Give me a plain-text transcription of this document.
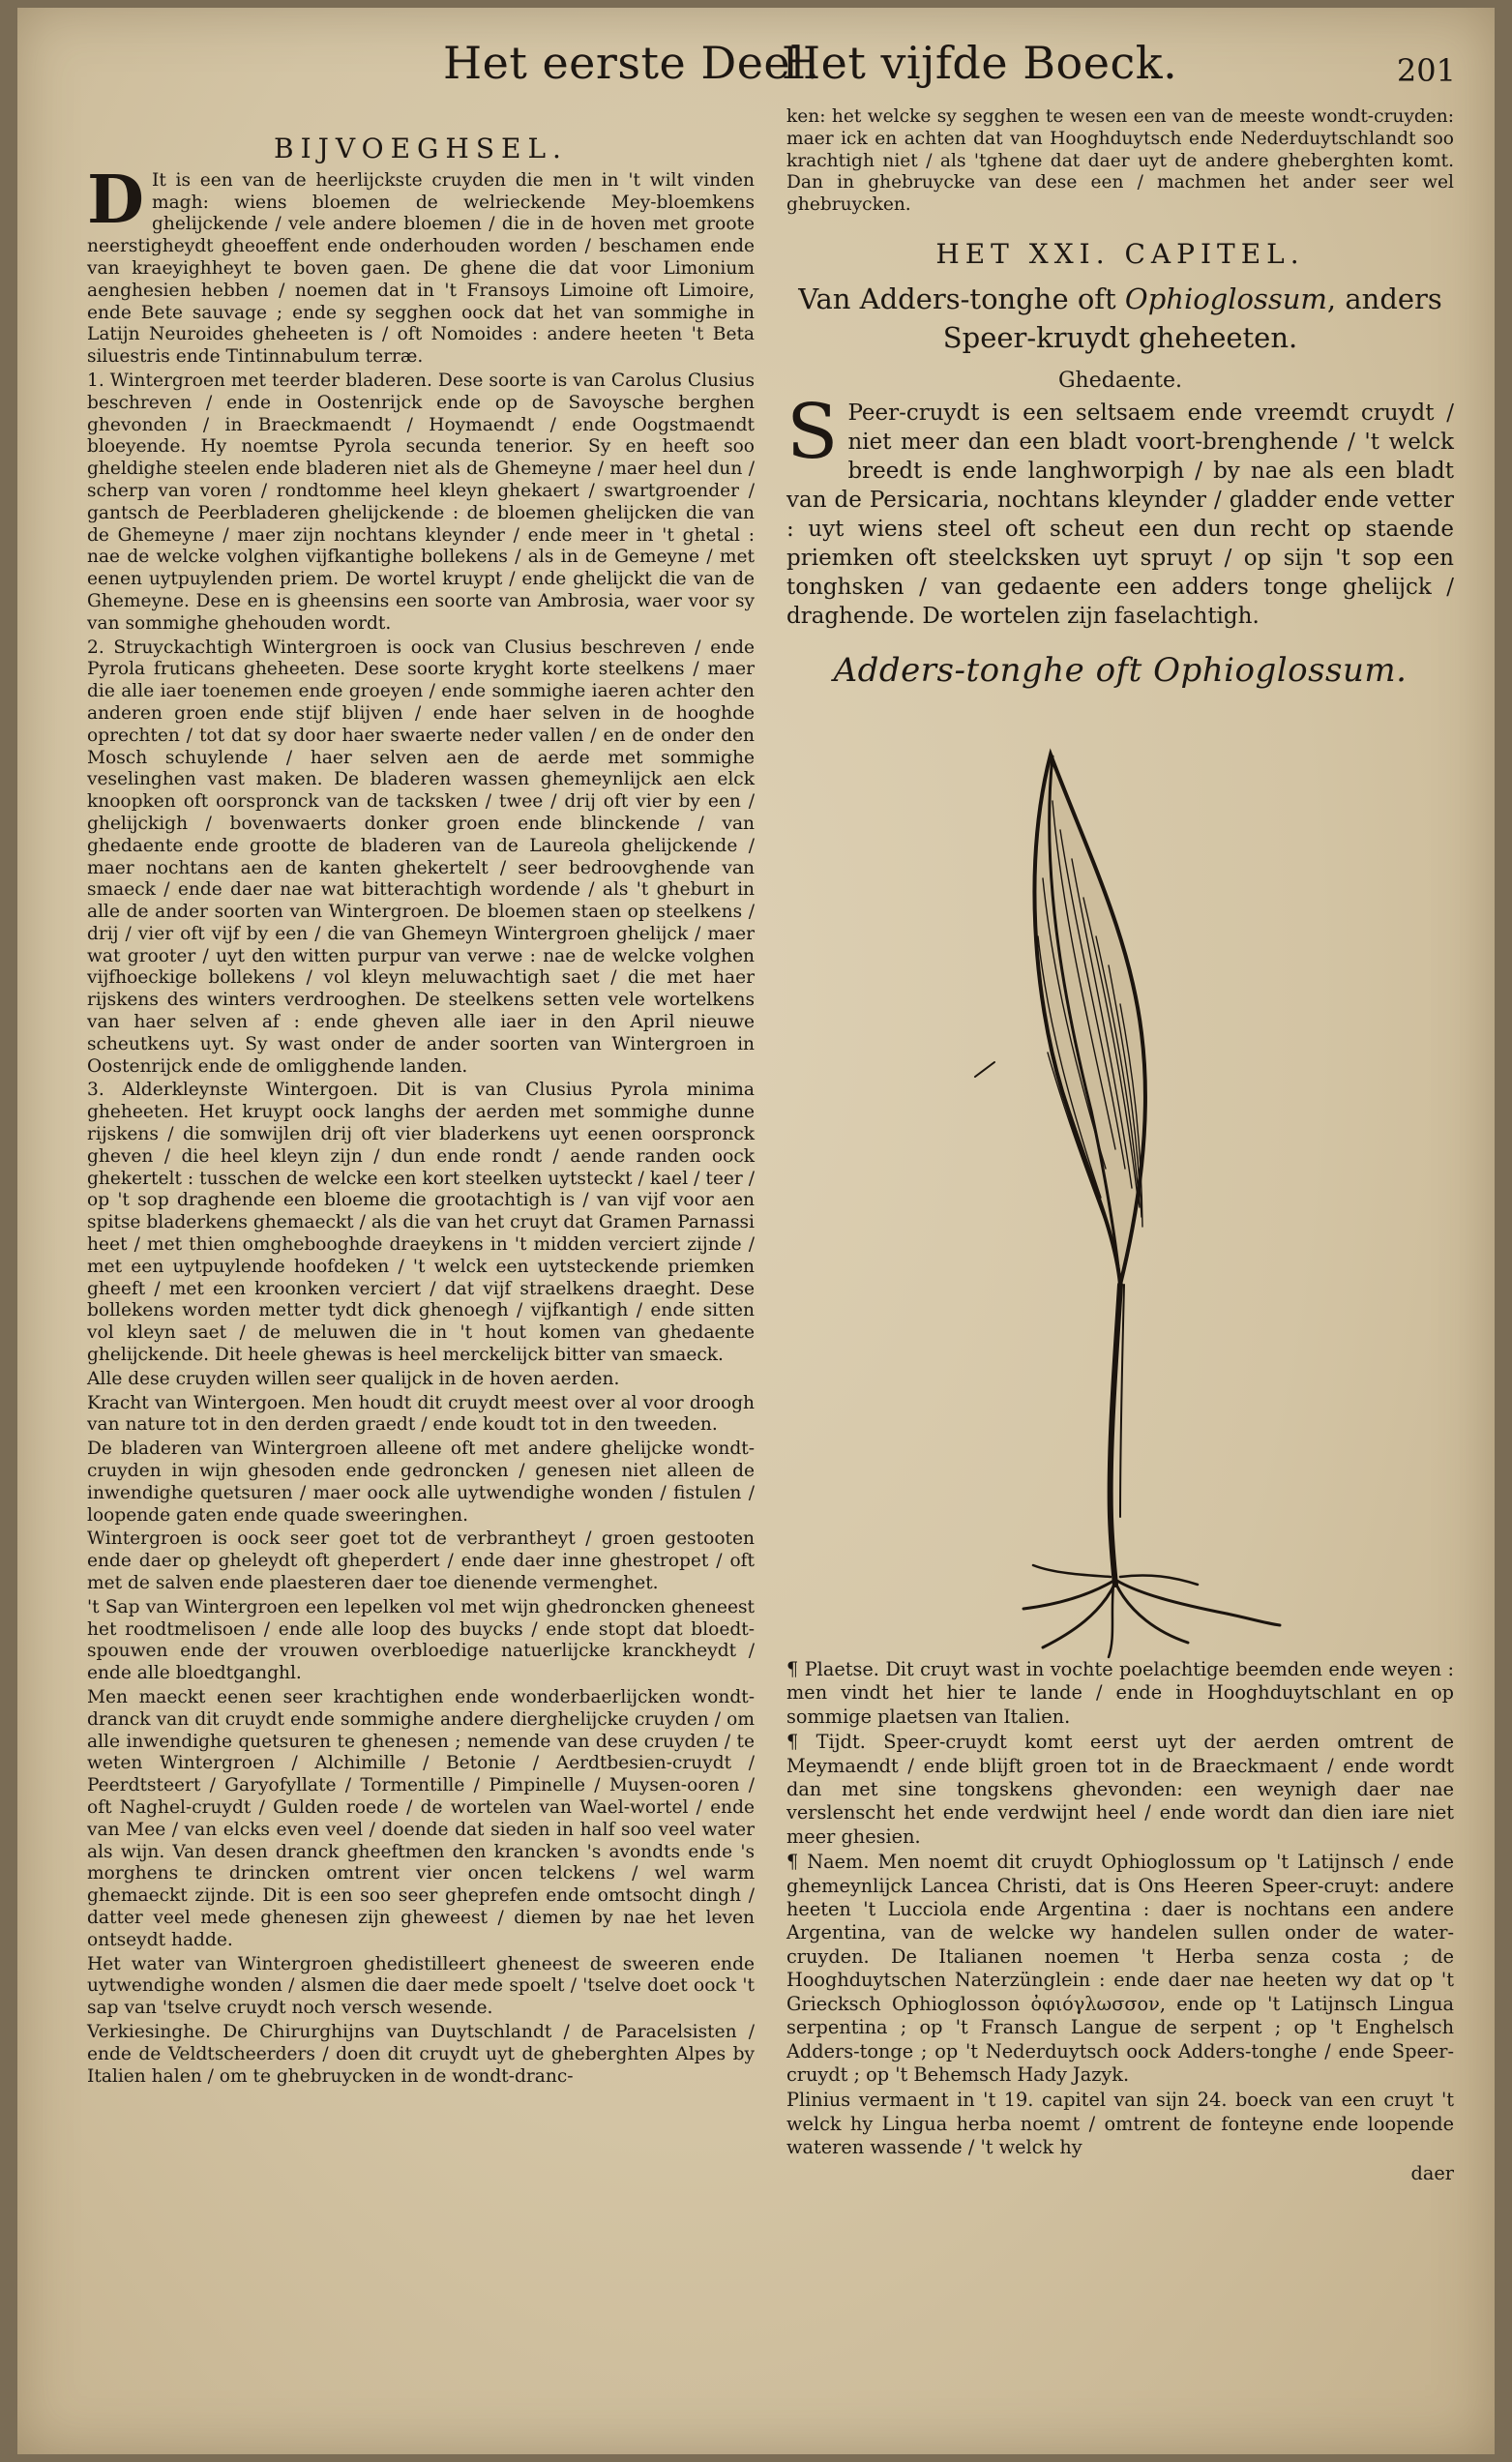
Het eerste Deel.
Het vijfde Boeck.	201
BIJVOEGHSEL.

D It is een van de heerlijckste cruyden die men in 't wilt vinden magh: wiens bloemen de welrieckende Mey-bloemkens ghelijckende / vele andere bloemen / die in de hoven met groote neerstigheydt gheoeffent ende onderhouden worden / beschamen ende van kraeyighheyt te boven gaen. De ghene die dat voor Limonium aenghesien hebben / noemen dat in 't Fransoys Limoine oft Limoire, ende Bete sauvage ; ende sy segghen oock dat het van sommighe in Latijn Neuroides gheheeten is / oft Nomoides : andere heeten 't Beta siluestris ende Tintinnabulum terræ.

1. Wintergroen met teerder bladeren. Dese soorte is van Carolus Clusius beschreven / ende in Oostenrijck ende op de Savoysche berghen ghevonden / in Braeckmaendt / Hoymaendt / ende Oogstmaendt bloeyende. Hy noemtse Pyrola secunda tenerior. Sy en heeft soo gheldighe steelen ende bladeren niet als de Ghemeyne / maer heel dun / scherp van voren / rondtomme heel kleyn ghekaert / swartgroender / gantsch de Peerbladeren ghelijckende : de bloemen ghelijcken die van de Ghemeyne / maer zijn nochtans kleynder / ende meer in 't ghetal : nae de welcke volghen vijfkantighe bollekens / als in de Gemeyne / met eenen uytpuylenden priem. De wortel kruypt / ende ghelijckt die van de Ghemeyne. Dese en is gheensins een soorte van Ambrosia, waer voor sy van sommighe ghehouden wordt.

2. Struyckachtigh Wintergroen is oock van Clusius beschreven / ende Pyrola fruticans gheheeten. Dese soorte kryght korte steelkens / maer die alle iaer toenemen ende groeyen / ende sommighe iaeren achter den anderen groen ende stijf blijven / ende haer selven in de hooghde oprechten / tot dat sy door haer swaerte neder vallen / en de onder den Mosch schuylende / haer selven aen de aerde met sommighe veselinghen vast maken. De bladeren wassen ghemeynlijck aen elck knoopken oft oorspronck van de tacksken / twee / drij oft vier by een / ghelijckigh / bovenwaerts donker groen ende blinckende / van ghedaente ende grootte de bladeren van de Laureola ghelijckende / maer nochtans aen de kanten ghekertelt / seer bedroovghende van smaeck / ende daer nae wat bitterachtigh wordende / als 't gheburt in alle de ander soorten van Wintergroen. De bloemen staen op steelkens / drij / vier oft vijf by een / die van Ghemeyn Wintergroen ghelijck / maer wat grooter / uyt den witten purpur van verwe : nae de welcke volghen vijfhoeckige bollekens / vol kleyn meluwachtigh saet / die met haer rijskens des winters verdrooghen. De steelkens setten vele wortelkens van haer selven af : ende gheven alle iaer in den April nieuwe scheutkens uyt. Sy wast onder de ander soorten van Wintergroen in Oostenrijck ende de omligghende landen.

3. Alderkleynste Wintergoen. Dit is van Clusius Pyrola minima gheheeten. Het kruypt oock langhs der aerden met sommighe dunne rijskens / die somwijlen drij oft vier bladerkens uyt eenen oorspronck gheven / die heel kleyn zijn / dun ende rondt / aende randen oock ghekertelt : tusschen de welcke een kort steelken uytsteckt / kael / teer / op 't sop draghende een bloeme die grootachtigh is / van vijf voor aen spitse bladerkens ghemaeckt / als die van het cruyt dat Gramen Parnassi heet / met thien omghebooghde draeykens in 't midden verciert zijnde / met een uytpuylende hoofdeken / 't welck een uytsteckende priemken gheeft / met een kroonken verciert / dat vijf straelkens draeght. Dese bollekens worden metter tydt dick ghenoegh / vijfkantigh / ende sitten vol kleyn saet / de meluwen die in 't hout komen van ghedaente ghelijckende. Dit heele ghewas is heel merckelijck bitter van smaeck.

Alle dese cruyden willen seer qualijck in de hoven aerden.

Kracht van Wintergoen. Men houdt dit cruydt meest over al voor droogh van nature tot in den derden graedt / ende koudt tot in den tweeden.

De bladeren van Wintergroen alleene oft met andere ghelijcke wondt-cruyden in wijn ghesoden ende gedroncken / genesen niet alleen de inwendighe quetsuren / maer oock alle uytwendighe wonden / fistulen / loopende gaten ende quade sweeringhen.

Wintergroen is oock seer goet tot de verbrantheyt / groen gestooten ende daer op gheleydt oft gheperdert / ende daer inne ghestropet / oft met de salven ende plaesteren daer toe dienende vermenghet.

't Sap van Wintergroen een lepelken vol met wijn ghedroncken gheneest het roodtmelisoen / ende alle loop des buycks / ende stopt dat bloedt-spouwen ende der vrouwen overbloedige natuerlijcke kranckheydt / ende alle bloedtganghl.

Men maeckt eenen seer krachtighen ende wonderbaerlijcken wondt-dranck van dit cruydt ende sommighe andere dierghelijcke cruyden / om alle inwendighe quetsuren te ghenesen ; nemende van dese cruyden / te weten Wintergroen / Alchimille / Betonie / Aerdtbesien-cruydt / Peerdtsteert / Garyofyllate / Tormentille / Pimpinelle / Muysen-ooren / oft Naghel-cruydt / Gulden roede / de wortelen van Wael-wortel / ende van Mee / van elcks even veel / doende dat sieden in half soo veel water als wijn. Van desen dranck gheeftmen den krancken 's avondts ende 's morghens te drincken omtrent vier oncen telckens / wel warm ghemaeckt zijnde. Dit is een soo seer gheprefen ende omtsocht dingh / datter veel mede ghenesen zijn gheweest / diemen by nae het leven ontseydt hadde.

Het water van Wintergroen ghedistilleert gheneest de sweeren ende uytwendighe wonden / alsmen die daer mede spoelt / 'tselve doet oock 't sap van 'tselve cruydt noch versch wesende.

Verkiesinghe. De Chirurghijns van Duytschlandt / de Paracelsisten / ende de Veldtscheerders / doen dit cruydt uyt de gheberghten Alpes by Italien halen / om te ghebruycken in de wondt-dranc-

ken: het welcke sy segghen te wesen een van de meeste wondt-cruyden: maer ick en achten dat van Hooghduytsch ende Nederduytschlandt soo krachtigh niet / als 'tghene dat daer uyt de andere gheberghten komt. Dan in ghebruycke van dese een / machmen het ander seer wel ghebruycken.

HET XXI. CAPITEL.
Van Adders-tonghe oft Ophioglossum, anders
Speer-kruydt gheheeten.
Ghedaente.

S Peer-cruydt is een seltsaem ende vreemdt cruydt / niet meer dan een bladt voort-brenghende / 't welck breedt is ende langhworpigh / by nae als een bladt van de Persicaria, nochtans kleynder / gladder ende vetter : uyt wiens steel oft scheut een dun recht op staende priemken oft steelcksken uyt spruyt / op sijn 't sop een tonghsken / van gedaente een adders tonge ghelijck / draghende. De wortelen zijn faselachtigh.

Adders-tonghe oft Ophioglossum.

¶ Plaetse. Dit cruyt wast in vochte poelachtige beemden ende weyen : men vindt het hier te lande / ende in Hooghduytschlant en op sommige plaetsen van Italien.

¶ Tijdt. Speer-cruydt komt eerst uyt der aerden omtrent de Meymaendt / ende blijft groen tot in de Braeckmaent / ende wordt dan met sine tongskens ghevonden: een weynigh daer nae verslenscht het ende verdwijnt heel / ende wordt dan dien iare niet meer ghesien.

¶ Naem. Men noemt dit cruydt Ophioglossum op 't Latijnsch / ende ghemeynlijck Lancea Christi, dat is Ons Heeren Speer-cruyt: andere heeten 't Lucciola ende Argentina : daer is nochtans een andere Argentina, van de welcke wy handelen sullen onder de water-cruyden. De Italianen noemen 't Herba senza costa ; de Hooghduytschen Naterzünglein : ende daer nae heeten wy dat op 't Griecksch Ophioglosson ὀφιόγλωσσον, ende op 't Latijnsch Lingua serpentina ; op 't Fransch Langue de serpent ; op 't Enghelsch Adders-tonge ; op 't Nederduytsch oock Adders-tonghe / ende Speer-cruydt ; op 't Behemsch Hady Jazyk.

Plinius vermaent in 't 19. capitel van sijn 24. boeck van een cruyt 't welck hy Lingua herba noemt / omtrent de fonteyne ende loopende wateren wassende / 't welck hy

daer
